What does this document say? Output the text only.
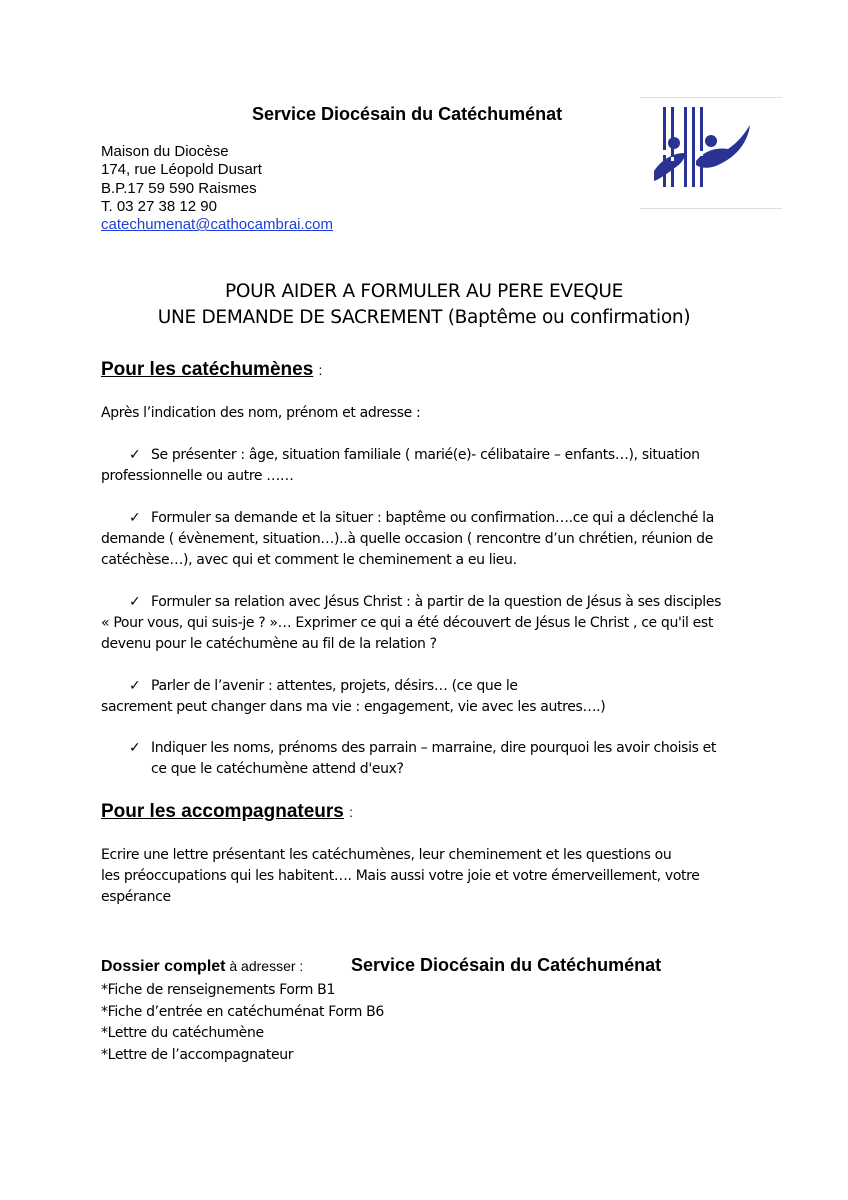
Service Diocésain du Catéchuménat
Maison du Diocèse
174, rue Léopold Dusart
B.P.17 59 590 Raismes
T. 03 27 38 12 90
catechumenat@cathocambrai.com
POUR AIDER A FORMULER AU PERE EVEQUE
UNE DEMANDE DE SACREMENT (Baptême ou confirmation)
Pour les catéchumènes :
Après l’indication des nom, prénom et adresse :
✓ Se présenter : âge, situation familiale ( marié(e)- célibataire – enfants…), situation
professionnelle ou autre ……
✓ Formuler sa demande et la situer : baptême ou confirmation….ce qui a déclenché la
demande ( évènement, situation…)..à quelle occasion ( rencontre d’un chrétien, réunion de
catéchèse…), avec qui et comment le cheminement a eu lieu.
✓ Formuler sa relation avec Jésus Christ : à partir de la question de Jésus à ses disciples
« Pour vous, qui suis-je ? »… Exprimer ce qui a été découvert de Jésus le Christ , ce qu'il est
devenu pour le catéchumène au fil de la relation ?
✓ Parler de l’avenir : attentes, projets, désirs… (ce que le
sacrement peut changer dans ma vie : engagement, vie avec les autres….)
✓ Indiquer les noms, prénoms des parrain – marraine, dire pourquoi les avoir choisis et
ce que le catéchumène attend d'eux?
Pour les accompagnateurs :
Ecrire une lettre présentant les catéchumènes, leur cheminement et les questions ou
les préoccupations qui les habitent…. Mais aussi votre joie et votre émerveillement, votre
espérance
Dossier complet à adresser :	Service Diocésain du Catéchuménat
*Fiche de renseignements Form B1
*Fiche d’entrée en catéchuménat Form B6
*Lettre du catéchumène
*Lettre de l’accompagnateur
